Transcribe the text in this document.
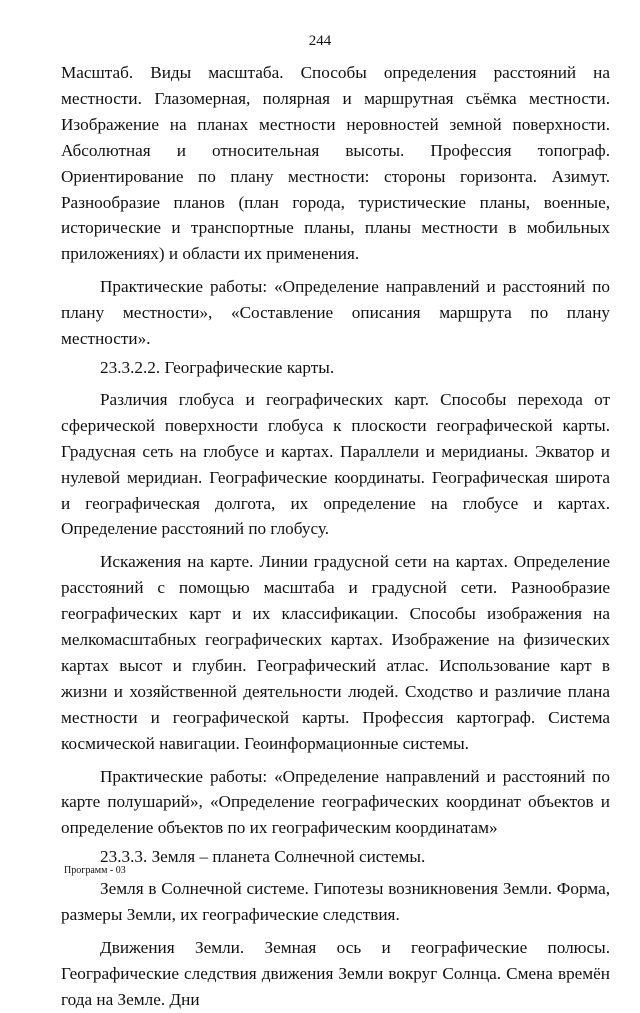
244

Масштаб. Виды масштаба. Способы определения расстояний на местности. Глазомерная, полярная и маршрутная съёмка местности. Изображение на планах местности неровностей земной поверхности. Абсолютная и относительная высоты. Профессия топограф. Ориентирование по плану местности: стороны горизонта. Азимут. Разнообразие планов (план города, туристические планы, военные, исторические и транспортные планы, планы местности в мобильных приложениях) и области их применения.

Практические работы: «Определение направлений и расстояний по плану местности», «Составление описания маршрута по плану местности».

23.3.2.2. Географические карты.

Различия глобуса и географических карт. Способы перехода от сферической поверхности глобуса к плоскости географической карты. Градусная сеть на глобусе и картах. Параллели и меридианы. Экватор и нулевой меридиан. Географические координаты. Географическая широта и географическая долгота, их определение на глобусе и картах. Определение расстояний по глобусу.

Искажения на карте. Линии градусной сети на картах. Определение расстояний с помощью масштаба и градусной сети. Разнообразие географических карт и их классификации. Способы изображения на мелкомасштабных географических картах. Изображение на физических картах высот и глубин. Географический атлас. Использование карт в жизни и хозяйственной деятельности людей. Сходство и различие плана местности и географической карты. Профессия картограф. Система космической навигации. Геоинформационные системы.

Практические работы: «Определение направлений и расстояний по карте полушарий», «Определение географических координат объектов и определение объектов по их географическим координатам»

23.3.3. Земля – планета Солнечной системы.

Земля в Солнечной системе. Гипотезы возникновения Земли. Форма, размеры Земли, их географические следствия.

Движения Земли. Земная ось и географические полюсы. Географические следствия движения Земли вокруг Солнца. Смена времён года на Земле. Дни

Программ - 03
